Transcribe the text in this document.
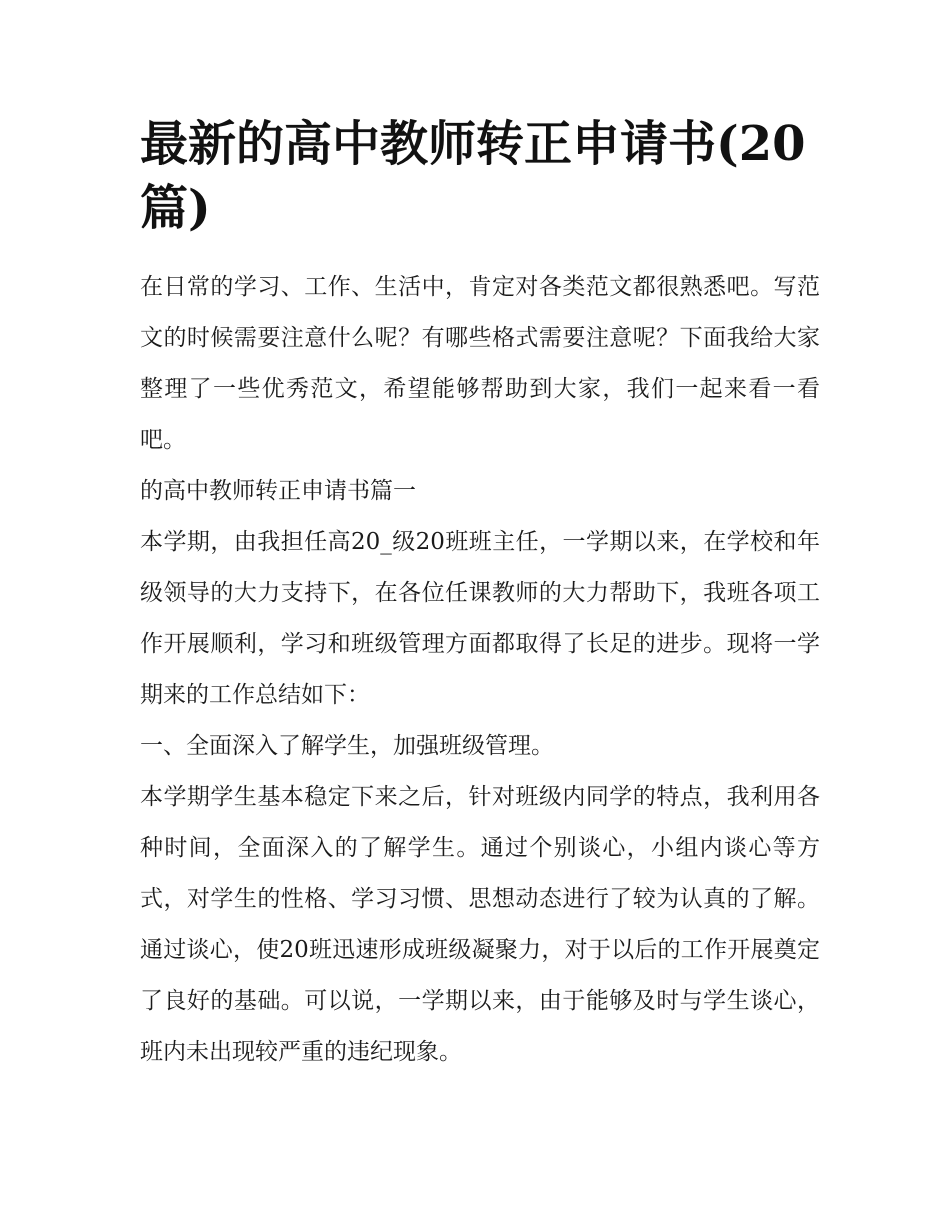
最新的高中教师转正申请书(20篇)

在日常的学习、工作、生活中，肯定对各类范文都很熟悉吧。写范文的时候需要注意什么呢？有哪些格式需要注意呢？下面我给大家整理了一些优秀范文，希望能够帮助到大家，我们一起来看一看吧。

的高中教师转正申请书篇一

本学期，由我担任高20_级20班班主任，一学期以来，在学校和年级领导的大力支持下，在各位任课教师的大力帮助下，我班各项工作开展顺利，学习和班级管理方面都取得了长足的进步。现将一学期来的工作总结如下：

一、全面深入了解学生，加强班级管理。

本学期学生基本稳定下来之后，针对班级内同学的特点，我利用各种时间，全面深入的了解学生。通过个别谈心，小组内谈心等方式，对学生的性格、学习习惯、思想动态进行了较为认真的了解。通过谈心，使20班迅速形成班级凝聚力，对于以后的工作开展奠定了良好的基础。可以说，一学期以来，由于能够及时与学生谈心，班内未出现较严重的违纪现象。
